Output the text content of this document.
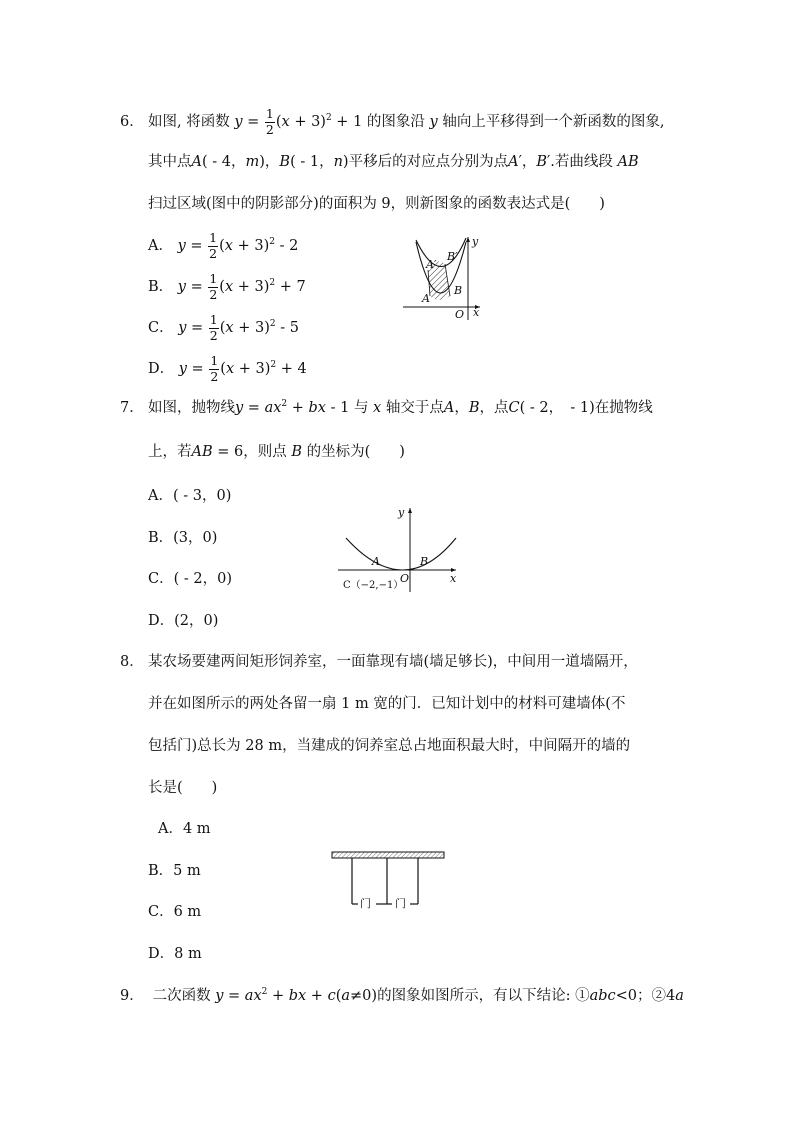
6． 如图, 将函数 $y = \frac{1}{2} (x + 3)^2 + 1$ 的图象沿 y 轴向上平移得到一个新函数的图象,
其中点A( - 4，m)，B( - 1，n)平移后的对应点分别为点A′，B′.若曲线段 AB
扫过区域(图中的阴影部分)的面积为 9，则新图象的函数表达式是(　　)
A． $y = \frac{1}{2} (x + 3)^2 - 2$
B． $y = \frac{1}{2} (x + 3)^2 + 7$
C． $y = \frac{1}{2} (x + 3)^2 - 5$
D． $y = \frac{1}{2} (x + 3)^2 + 4$
A′
B′
A
B
O x
y
7． 如图，抛物线$y = ax^2$ + bx - 1 与 x 轴交于点A，B，点C( - 2，　- 1)在抛物线
上，若AB = 6，则点 B 的坐标为(　　)
A．( - 3，0)
B．(3，0)
C．( - 2，0)
D．(2，0)
A	B
O	x
y
C（−2,−1）
8． 某农场要建两间矩形饲养室，一面靠现有墙(墙足够长)，中间用一道墙隔开，
并在如图所示的两处各留一扇 1 m 宽的门．已知计划中的材料可建墙体(不
包括门)总长为 28 m，当建成的饲养室总占地面积最大时，中间隔开的墙的
长是(　　)
A．4 m
B．5 m
C．6 m
D．8 m
门 门
9． 二次函数 $y = ax^2$ + bx + c(a≠0)的图象如图所示，有以下结论: ①abc<0；②4a
